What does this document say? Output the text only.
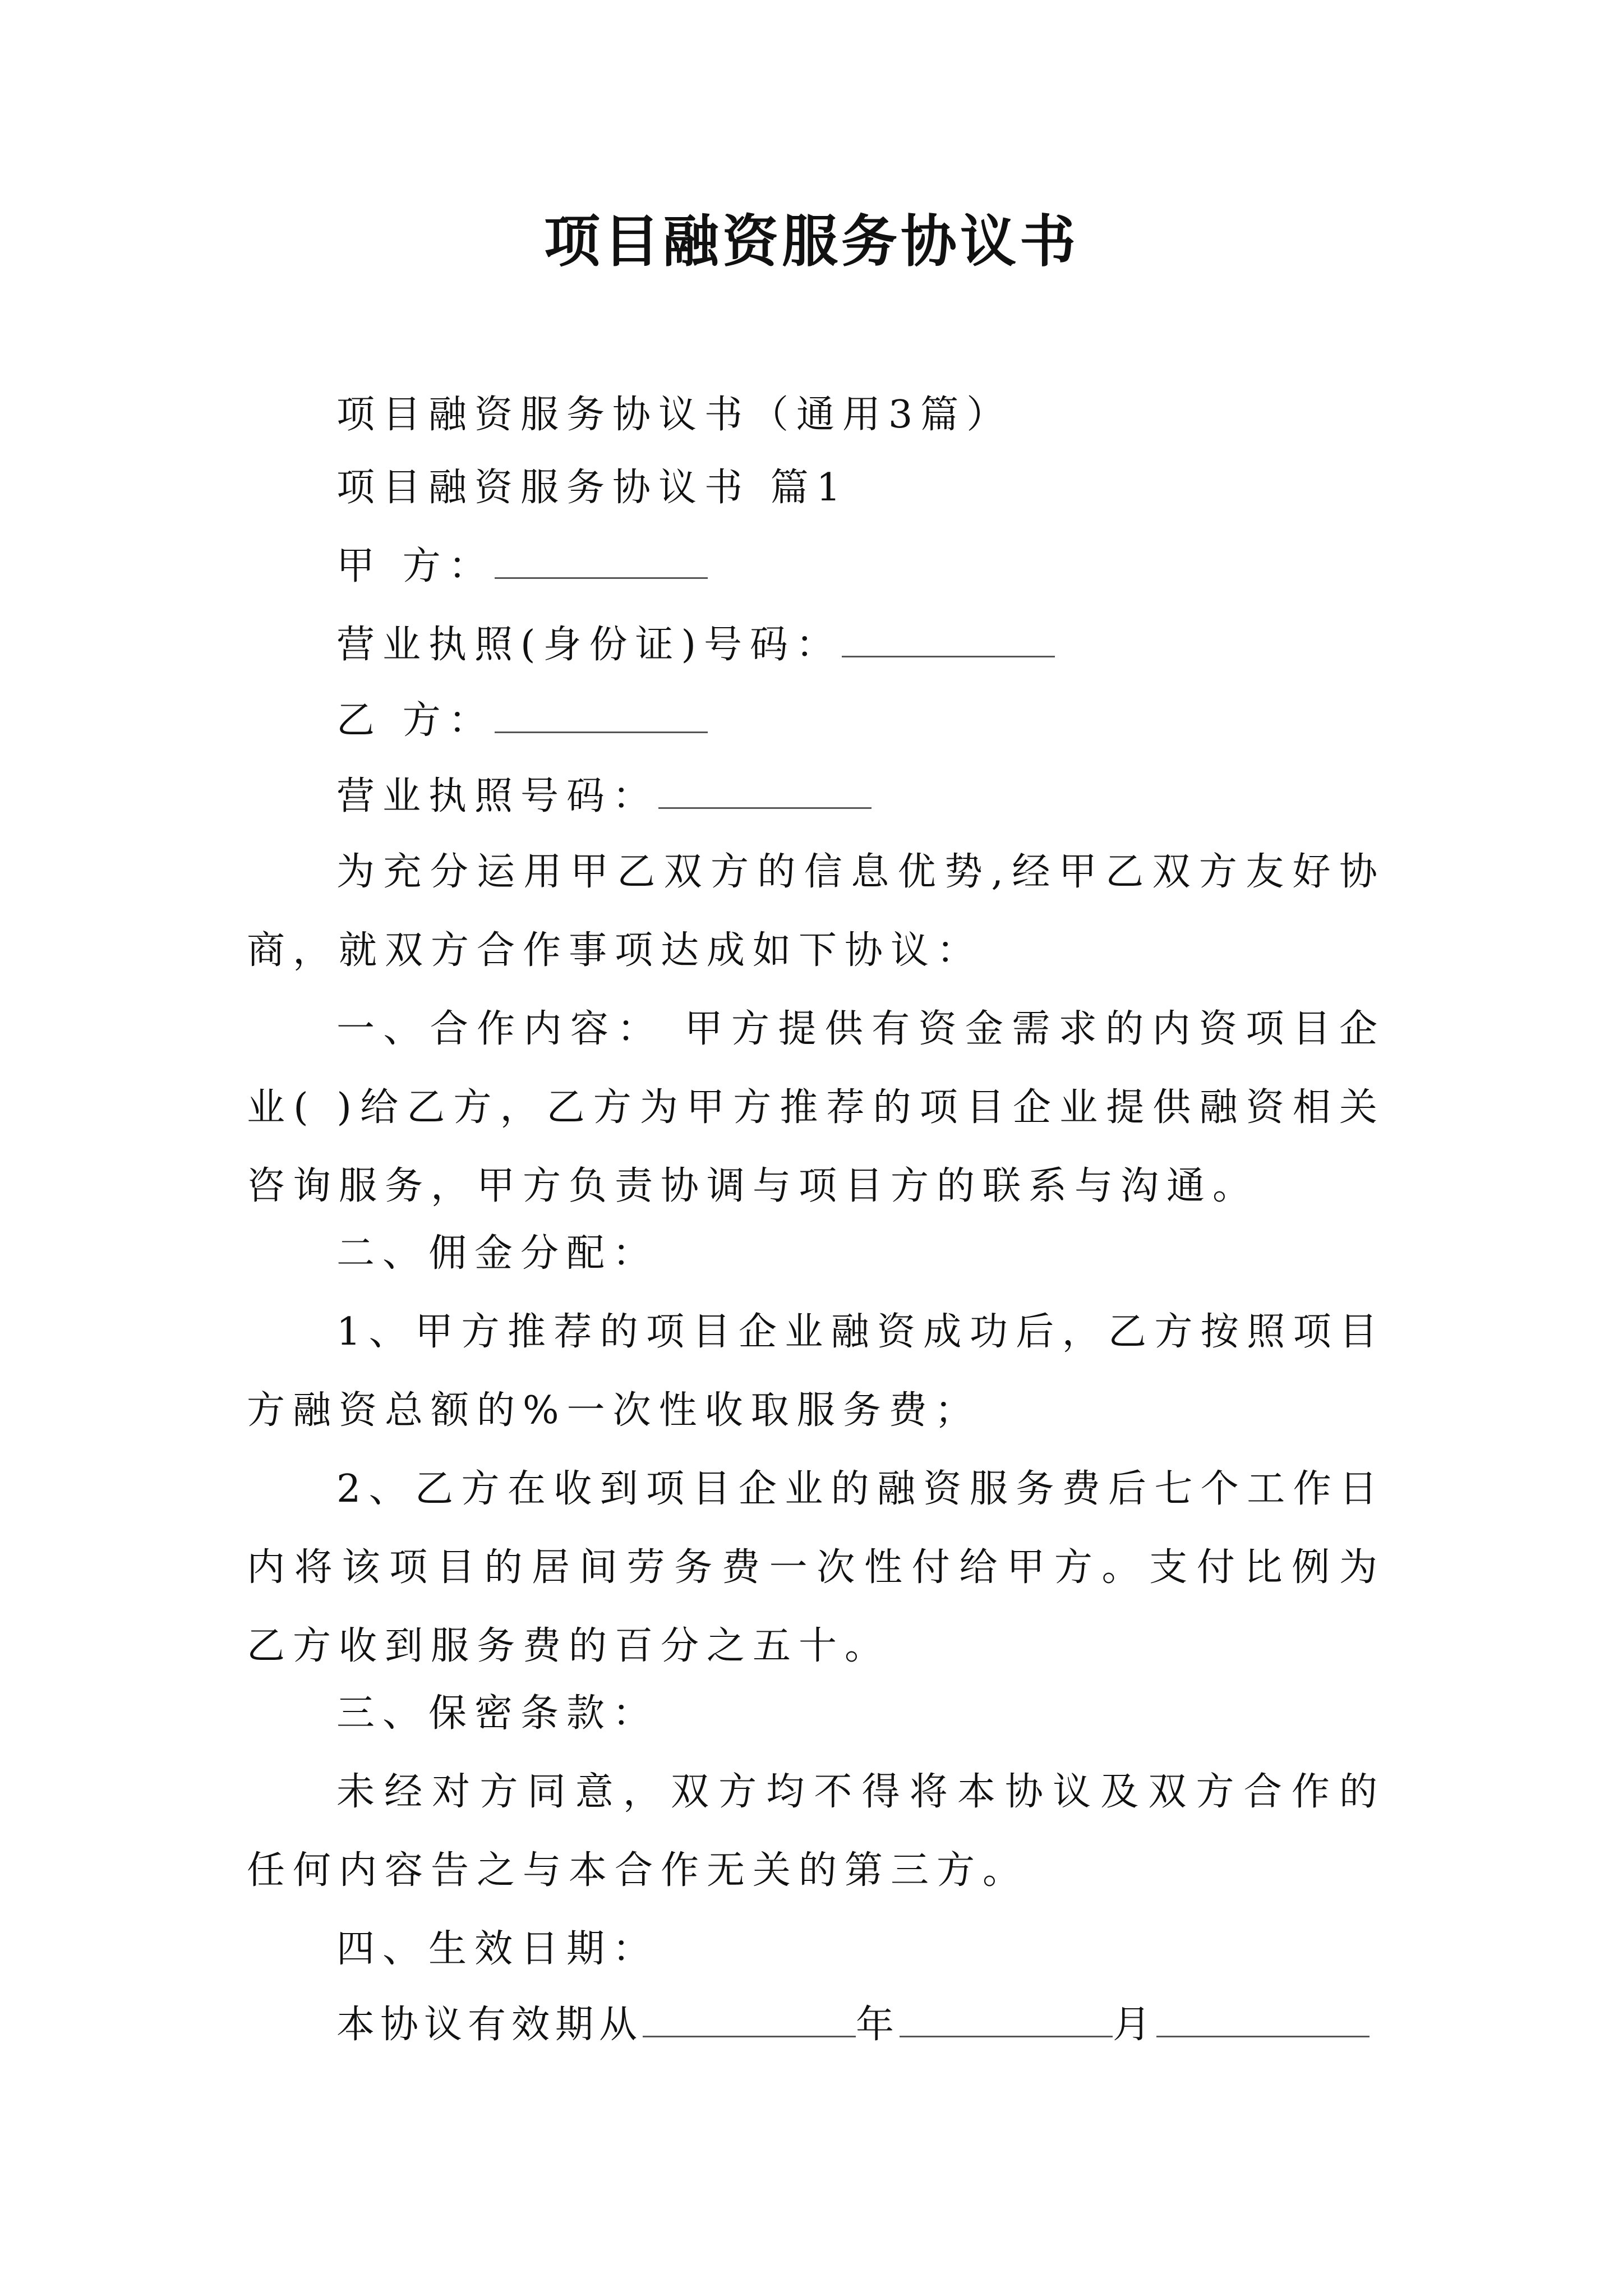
项目融资服务协议书
项目融资服务协议书（通用3篇）
项目融资服务协议书 篇1
甲 方：
营业执照(身份证)号码：
乙 方：
营业执照号码：
为充分运用甲乙双方的信息优势,经甲乙双方友好协商，就双方合作事项达成如下协议：
一、合作内容： 甲方提供有资金需求的内资项目企业( )给乙方，乙方为甲方推荐的项目企业提供融资相关咨询服务，甲方负责协调与项目方的联系与沟通。
二、佣金分配：
1、甲方推荐的项目企业融资成功后，乙方按照项目方融资总额的%一次性收取服务费；
2、乙方在收到项目企业的融资服务费后七个工作日内将该项目的居间劳务费一次性付给甲方。支付比例为乙方收到服务费的百分之五十。
三、保密条款：
未经对方同意，双方均不得将本协议及双方合作的任何内容告之与本合作无关的第三方。
四、生效日期：
本协议有效期从	年	月
